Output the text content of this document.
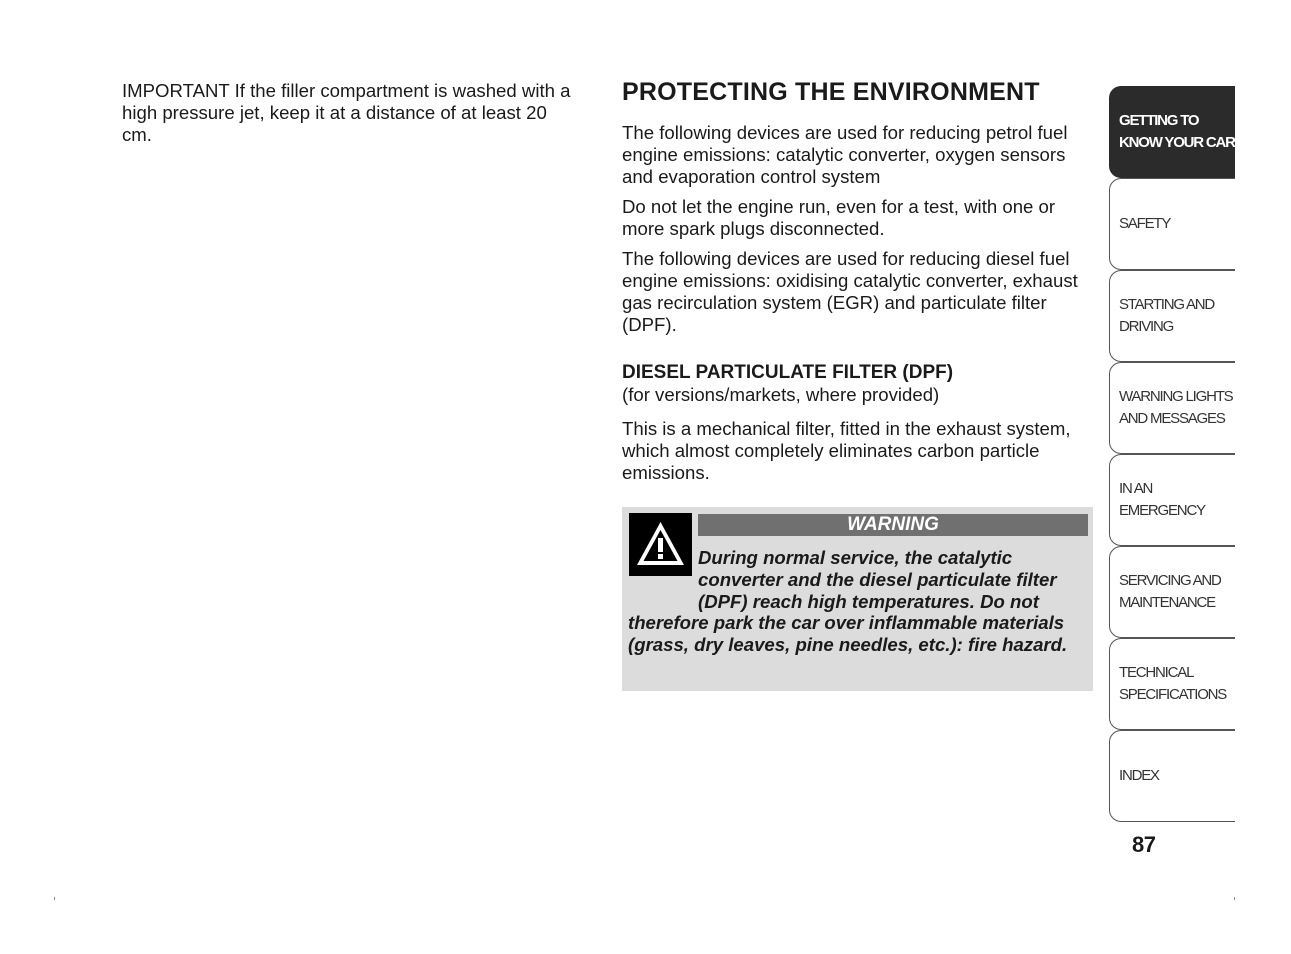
IMPORTANT If the filler compartment is washed with a high pressure jet, keep it at a distance of at least 20 cm.

PROTECTING THE ENVIRONMENT

The following devices are used for reducing petrol fuel engine emissions: catalytic converter, oxygen sensors and evaporation control system

Do not let the engine run, even for a test, with one or more spark plugs disconnected.

The following devices are used for reducing diesel fuel engine emissions: oxidising catalytic converter, exhaust gas recirculation system (EGR) and particulate filter (DPF).

DIESEL PARTICULATE FILTER (DPF)

(for versions/markets, where provided)

This is a mechanical filter, fitted in the exhaust system, which almost completely eliminates carbon particle emissions.

WARNING
During normal service, the catalytic converter and the diesel particulate filter (DPF) reach high temperatures. Do not therefore park the car over inflammable materials (grass, dry leaves, pine needles, etc.): fire hazard.
GETTING TO
KNOW YOUR CAR
SAFETY
STARTING AND
DRIVING
WARNING LIGHTS
AND MESSAGES
IN AN EMERGENCY
SERVICING AND
MAINTENANCE
TECHNICAL
SPECIFICATIONS
INDEX
87
